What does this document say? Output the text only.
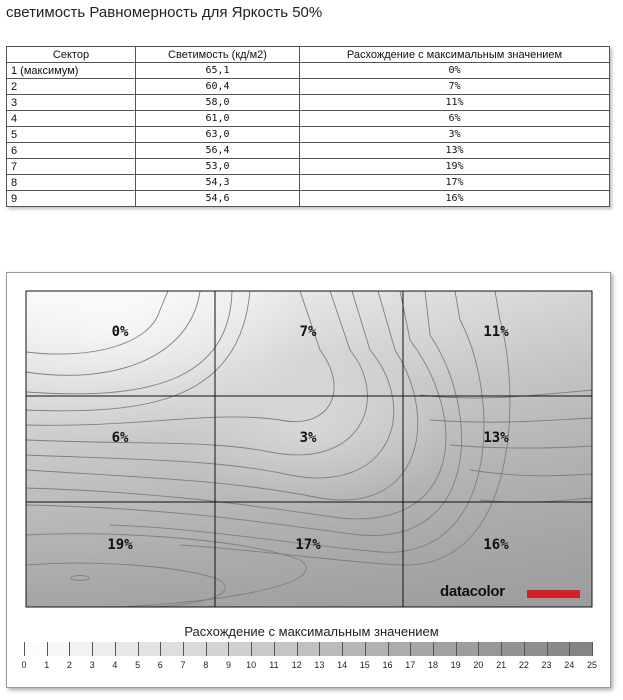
светимость Равномерность для Яркость 50%
Сектор	Светимость (кд/м2)	Расхождение с максимальным значением
1 (максимум)	65,1	0%
2	60,4	7%
3	58,0	11%
4	61,0	6%
5	63,0	3%
6	56,4	13%
7	53,0	19%
8	54,3	17%
9	54,6	16%
0%	7%	11%
6%	3%	13%
19%	17%	16%
datacolor
Расхождение с максимальным значением
0 1 2 3 4 5 6 7 8 9 10 11 12 13 14 15 16 17 18 19 20 21 22 23 24 25
